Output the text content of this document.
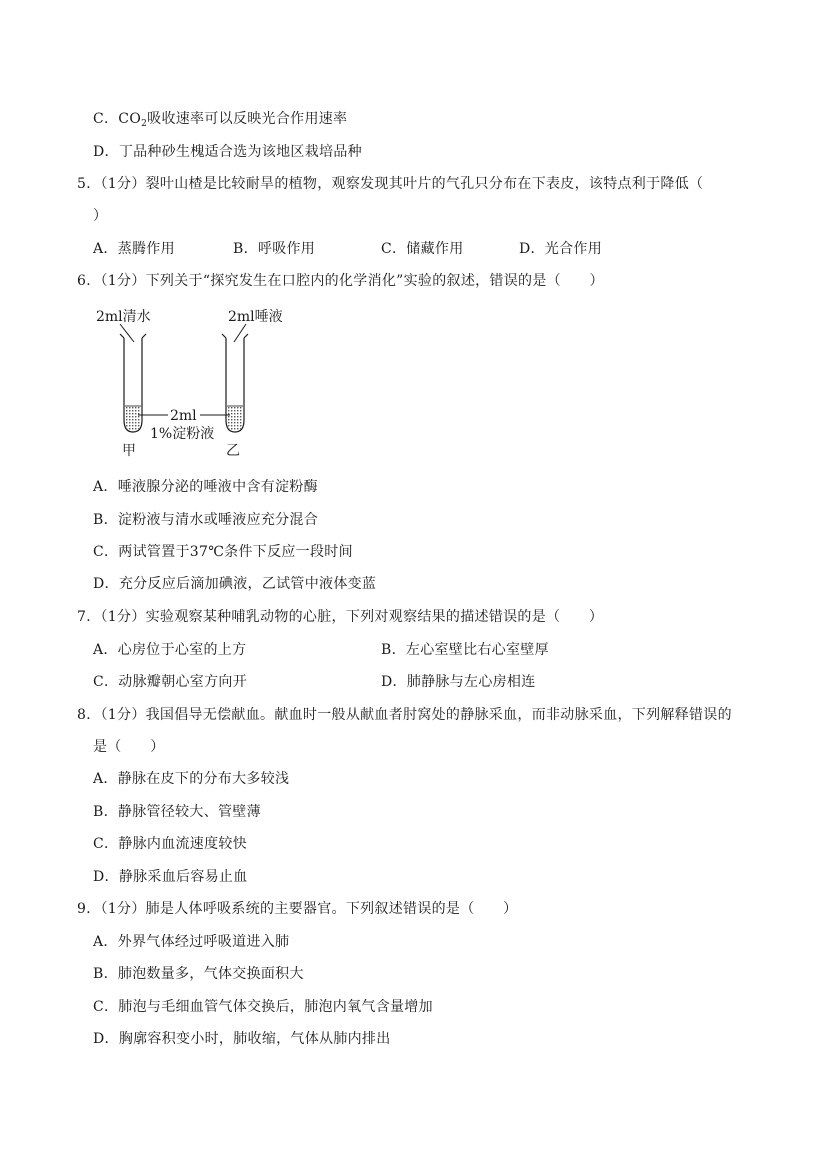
C．$CO_2$吸收速率可以反映光合作用速率
D．丁品种砂生槐适合选为该地区栽培品种
5．（1分）裂叶山楂是比较耐旱的植物，观察发现其叶片的气孔只分布在下表皮，该特点利于降低（
）
A．蒸腾作用	B．呼吸作用	C．储藏作用	D．光合作用
6．（1分）下列关于“探究发生在口腔内的化学消化”实验的叙述，错误的是（　　）
2ml清水	2ml唾液
2ml
1%淀粉液
甲	乙
A．唾液腺分泌的唾液中含有淀粉酶
B．淀粉液与清水或唾液应充分混合
C．两试管置于37℃条件下反应一段时间
D．充分反应后滴加碘液，乙试管中液体变蓝
7．（1分）实验观察某种哺乳动物的心脏，下列对观察结果的描述错误的是（　　）
A．心房位于心室的上方	B．左心室壁比右心室壁厚
C．动脉瓣朝心室方向开	D．肺静脉与左心房相连
8．（1分）我国倡导无偿献血。献血时一般从献血者肘窝处的静脉采血，而非动脉采血，下列解释错误的
是（　　）
A．静脉在皮下的分布大多较浅
B．静脉管径较大、管壁薄
C．静脉内血流速度较快
D．静脉采血后容易止血
9．（1分）肺是人体呼吸系统的主要器官。下列叙述错误的是（　　）
A．外界气体经过呼吸道进入肺
B．肺泡数量多，气体交换面积大
C．肺泡与毛细血管气体交换后，肺泡内氧气含量增加
D．胸廓容积变小时，肺收缩，气体从肺内排出
